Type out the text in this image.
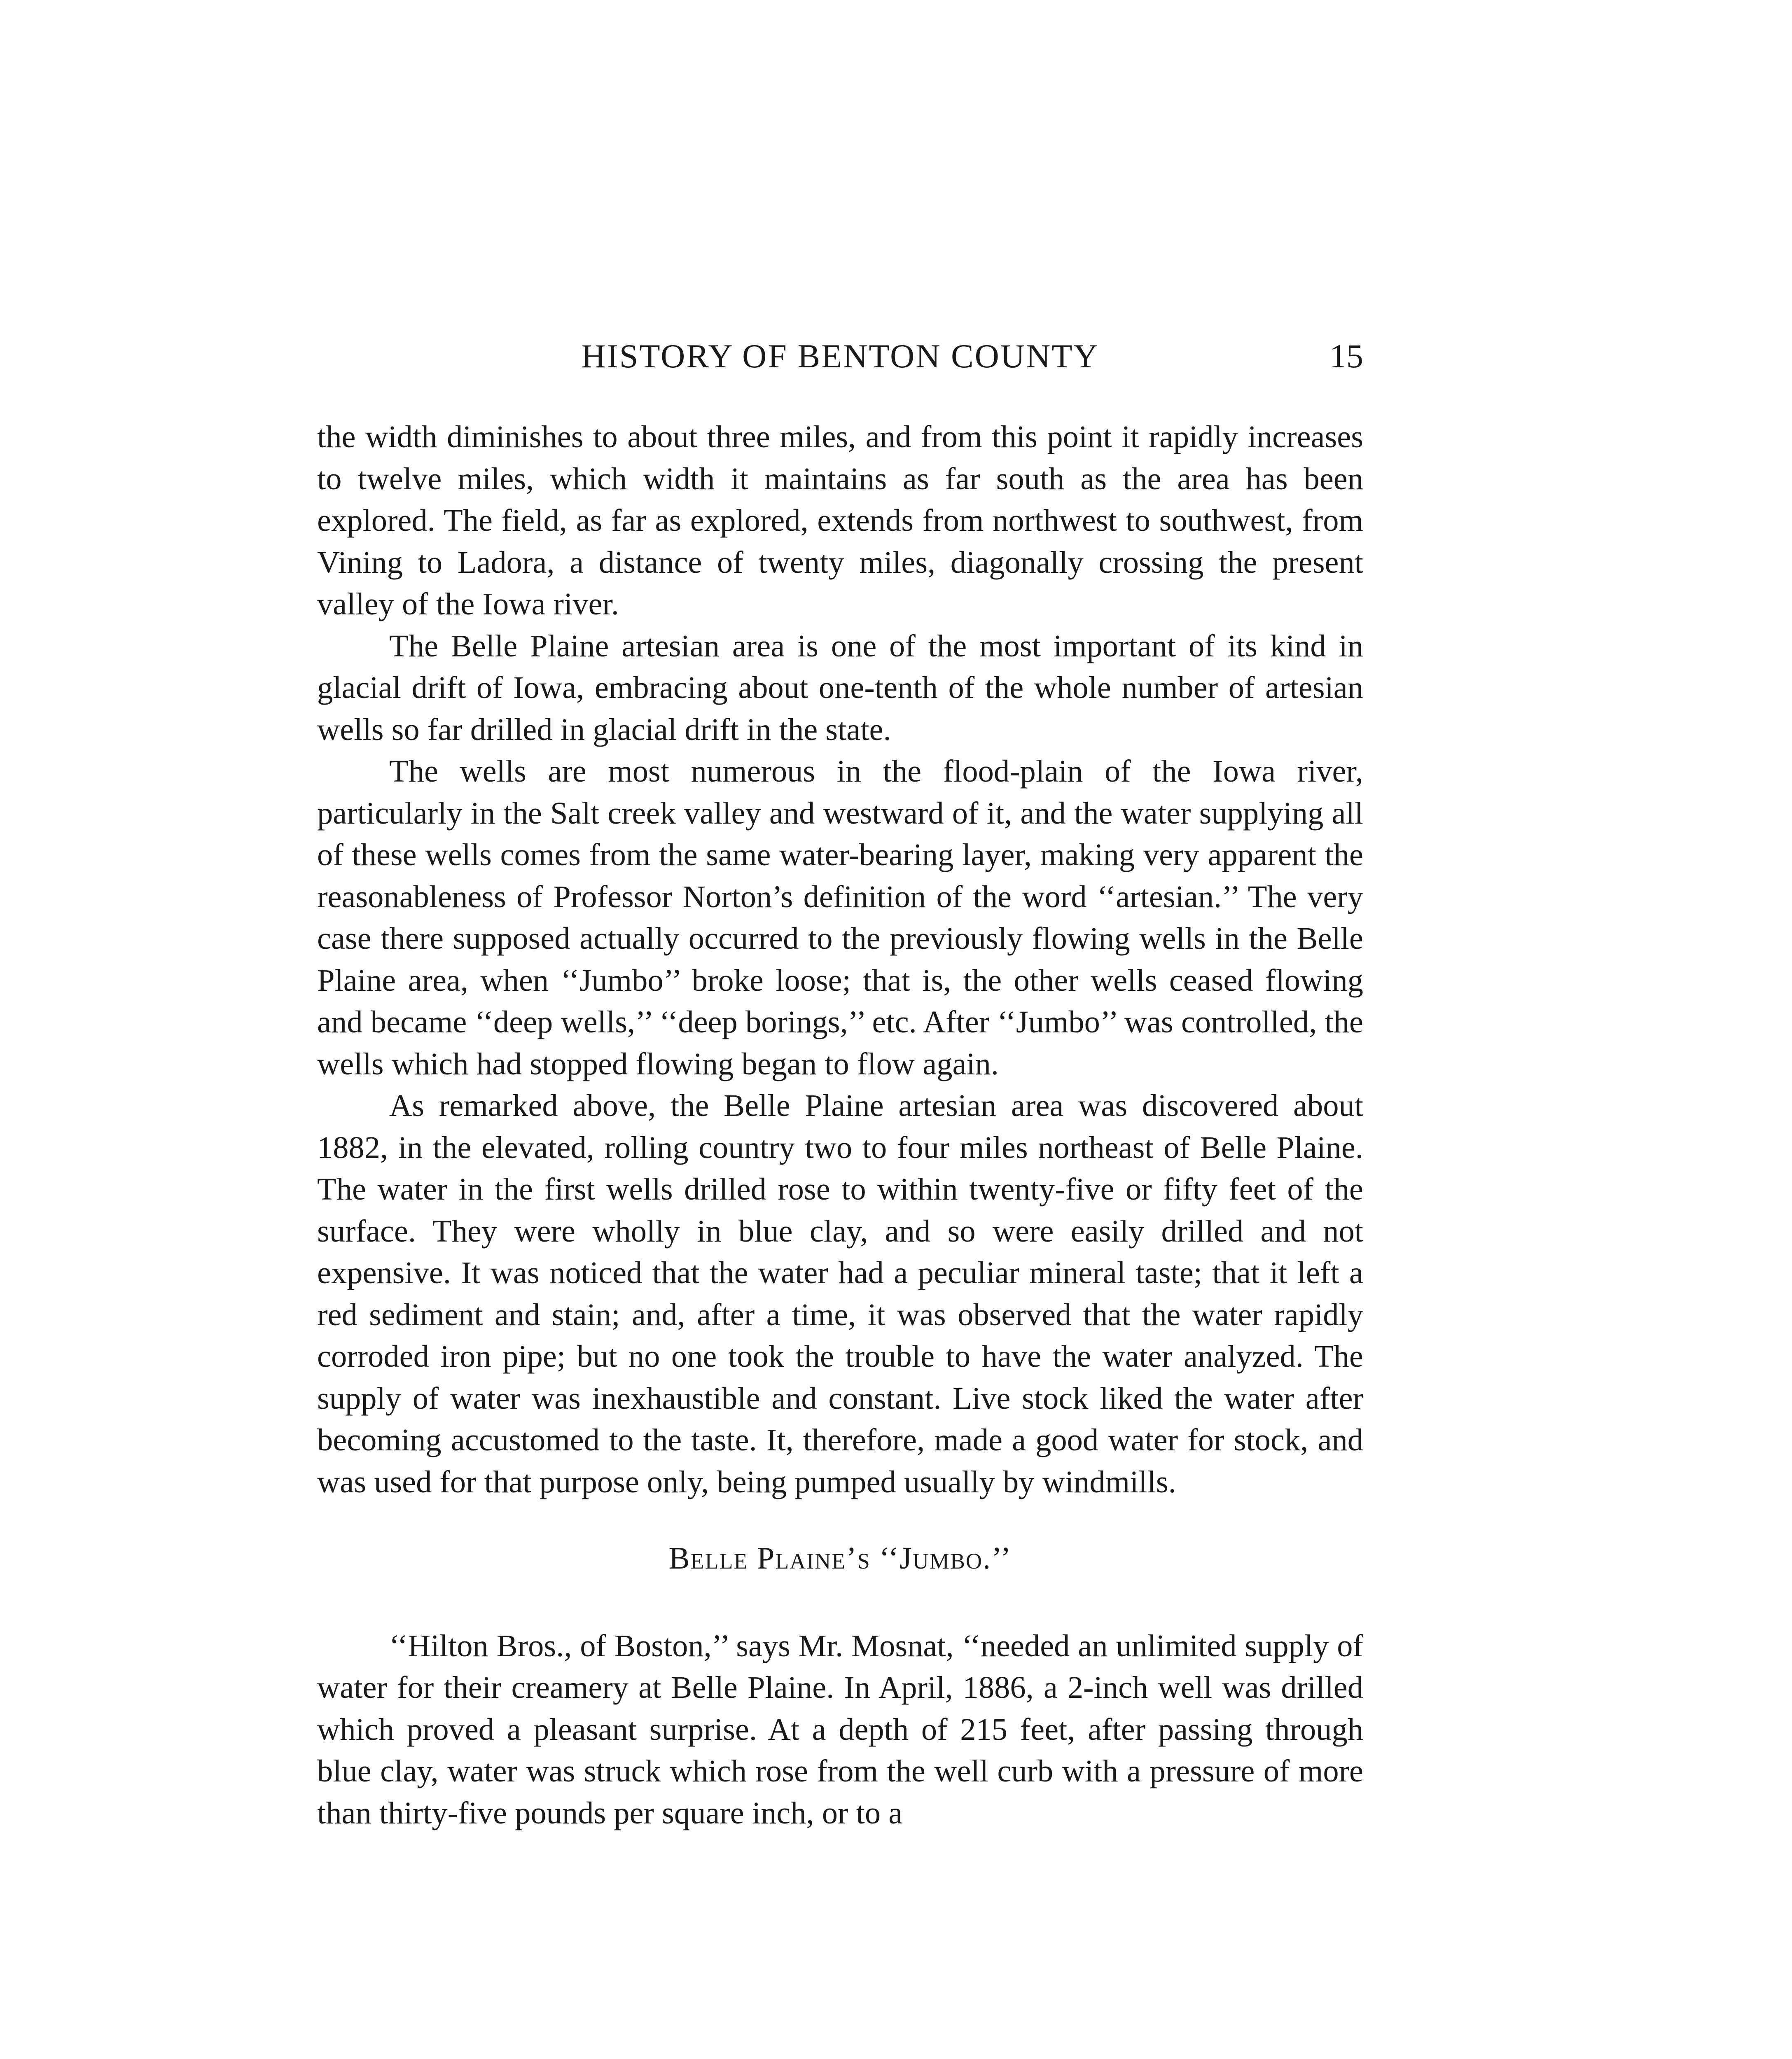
HISTORY OF BENTON COUNTY	15

the width diminishes to about three miles, and from this point it rapidly increases to twelve miles, which width it maintains as far south as the area has been explored. The field, as far as explored, extends from northwest to southwest, from Vining to Ladora, a distance of twenty miles, diagonally crossing the present valley of the Iowa river.

The Belle Plaine artesian area is one of the most important of its kind in glacial drift of Iowa, embracing about one-tenth of the whole number of artesian wells so far drilled in glacial drift in the state.

The wells are most numerous in the flood-plain of the Iowa river, particularly in the Salt creek valley and westward of it, and the water supplying all of these wells comes from the same water-bearing layer, making very apparent the reasonableness of Professor Norton’s definition of the word ‘‘artesian.’’ The very case there supposed actually occurred to the previously flowing wells in the Belle Plaine area, when ‘‘Jumbo’’ broke loose; that is, the other wells ceased flowing and became ‘‘deep wells,’’ ‘‘deep borings,’’ etc. After ‘‘Jumbo’’ was controlled, the wells which had stopped flowing began to flow again.

As remarked above, the Belle Plaine artesian area was discovered about 1882, in the elevated, rolling country two to four miles northeast of Belle Plaine. The water in the first wells drilled rose to within twenty-five or fifty feet of the surface. They were wholly in blue clay, and so were easily drilled and not expensive. It was noticed that the water had a peculiar mineral taste; that it left a red sediment and stain; and, after a time, it was observed that the water rapidly corroded iron pipe; but no one took the trouble to have the water analyzed. The supply of water was inexhaustible and constant. Live stock liked the water after becoming accustomed to the taste. It, therefore, made a good water for stock, and was used for that purpose only, being pumped usually by windmills.

Belle Plaine’s ‘‘Jumbo.’’

‘‘Hilton Bros., of Boston,’’ says Mr. Mosnat, ‘‘needed an unlimited supply of water for their creamery at Belle Plaine. In April, 1886, a 2-inch well was drilled which proved a pleasant surprise. At a depth of 215 feet, after passing through blue clay, water was struck which rose from the well curb with a pressure of more than thirty-five pounds per square inch, or to a
